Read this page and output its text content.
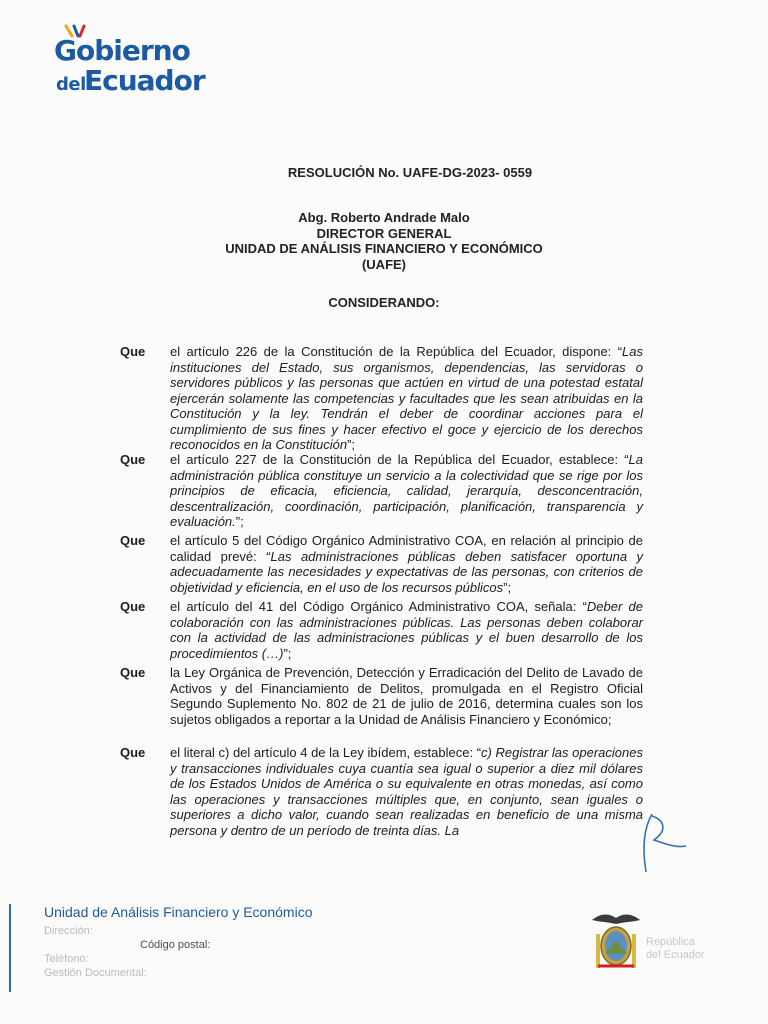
Gobierno
del
Ecuador
RESOLUCIÓN No. UAFE-DG-2023- 0559
Abg. Roberto Andrade Malo
DIRECTOR GENERAL
UNIDAD DE ANÁLISIS FINANCIERO Y ECONÓMICO
(UAFE)
CONSIDERANDO:
Que el artículo 226 de la Constitución de la República del Ecuador, dispone: “Las instituciones del Estado, sus organismos, dependencias, las servidoras o servidores públicos y las personas que actúen en virtud de una potestad estatal ejercerán solamente las competencias y facultades que les sean atribuidas en la Constitución y la ley. Tendrán el deber de coordinar acciones para el cumplimiento de sus fines y hacer efectivo el goce y ejercicio de los derechos reconocidos en la Constitución”;
Que el artículo 227 de la Constitución de la República del Ecuador, establece: “La administración pública constituye un servicio a la colectividad que se rige por los principios de eficacia, eficiencia, calidad, jerarquía, desconcentración, descentralización, coordinación, participación, planificación, transparencia y evaluación.”;
Que el artículo 5 del Código Orgánico Administrativo COA, en relación al principio de calidad prevé: “Las administraciones públicas deben satisfacer oportuna y adecuadamente las necesidades y expectativas de las personas, con criterios de objetividad y eficiencia, en el uso de los recursos públicos”;
Que el artículo del 41 del Código Orgánico Administrativo COA, señala: “Deber de colaboración con las administraciones públicas. Las personas deben colaborar con la actividad de las administraciones públicas y el buen desarrollo de los procedimientos (…)”;
Que la Ley Orgánica de Prevención, Detección y Erradicación del Delito de Lavado de Activos y del Financiamiento de Delitos, promulgada en el Registro Oficial Segundo Suplemento No. 802 de 21 de julio de 2016, determina cuales son los sujetos obligados a reportar a la Unidad de Análisis Financiero y Económico;
Que el literal c) del artículo 4 de la Ley ibídem, establece: “c) Registrar las operaciones y transacciones individuales cuya cuantía sea igual o superior a diez mil dólares de los Estados Unidos de América o su equivalente en otras monedas, así como las operaciones y transacciones múltiples que, en conjunto, sean iguales o superiores a dicho valor, cuando sean realizadas en beneficio de una misma persona y dentro de un período de treinta días. La
Unidad de Análisis Financiero y Económico
Dirección:
Código postal:
Teléfono:
Gestión Documental:
República
del Ecuador
